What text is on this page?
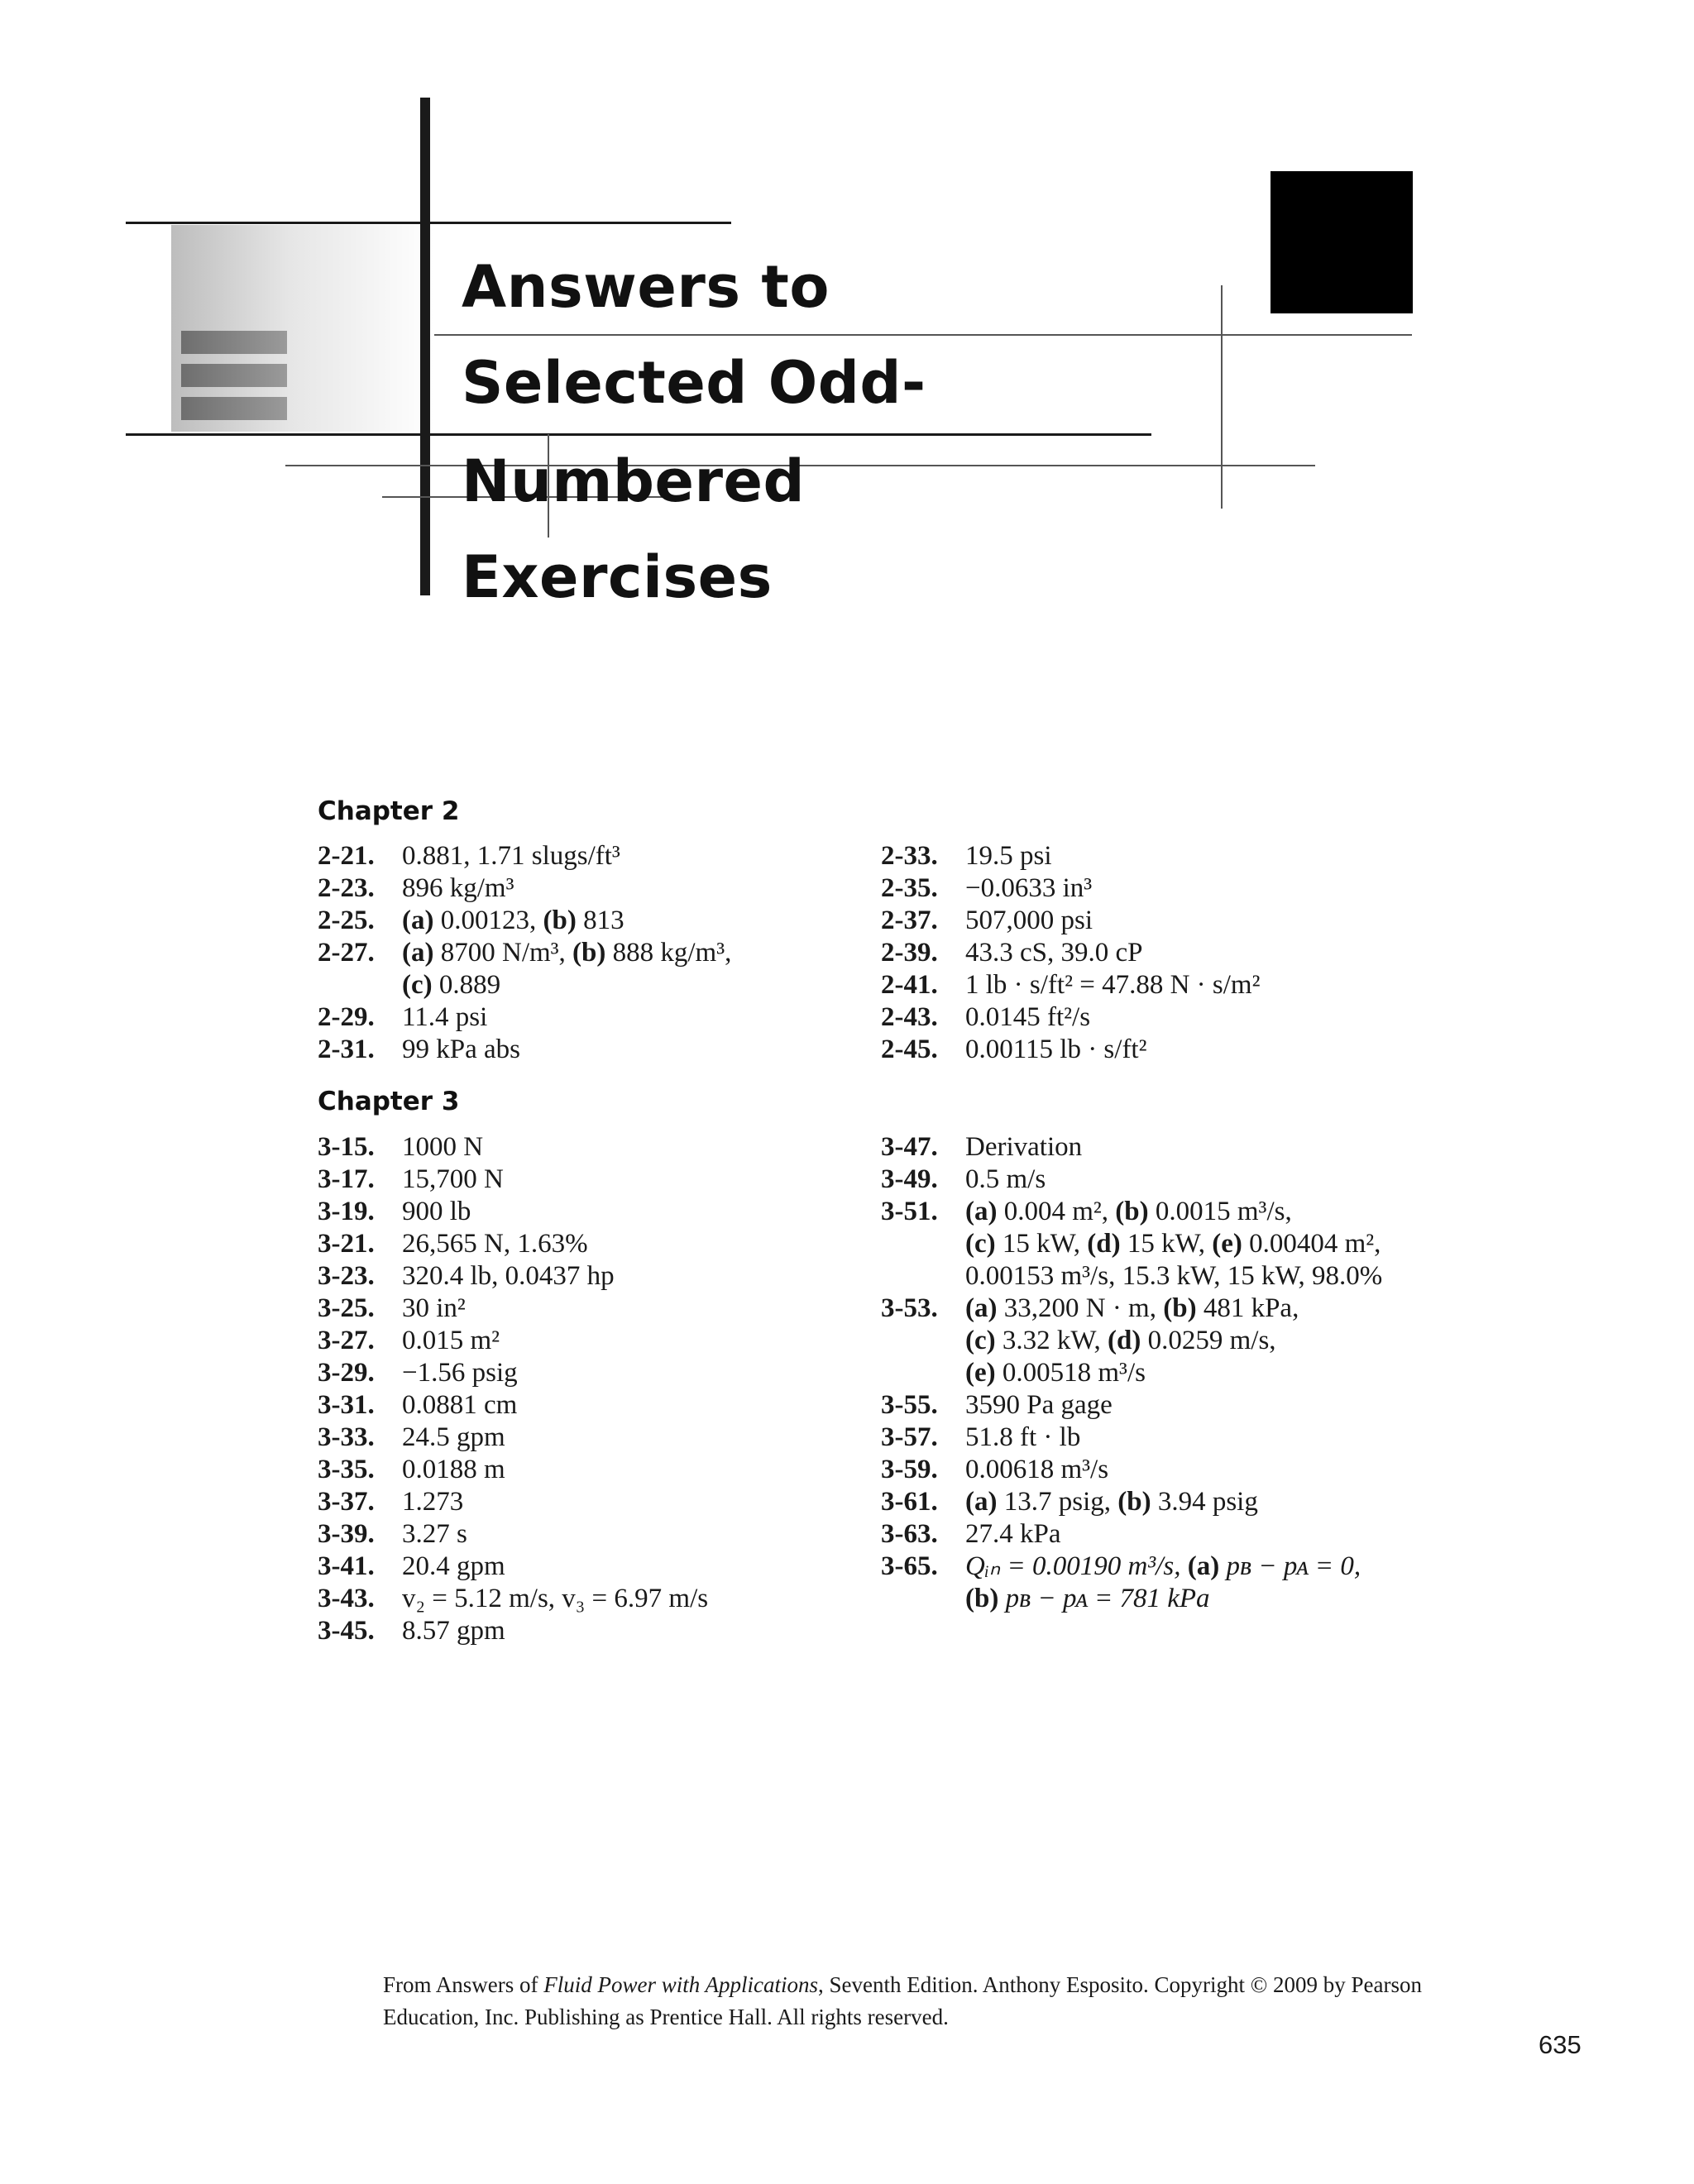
Answers to
Selected Odd-
Numbered
Exercises
Chapter 2
2-21.	0.881, 1.71 slugs/ft³
2-23.	896 kg/m³
2-25.	(a) 0.00123, (b) 813
2-27.	(a) 8700 N/m³, (b) 888 kg/m³,
(c) 0.889
2-29.	11.4 psi
2-31.	99 kPa abs
2-33.	19.5 psi
2-35.	−0.0633 in³
2-37.	507,000 psi
2-39.	43.3 cS, 39.0 cP
2-41.	1 lb · s/ft² = 47.88 N · s/m²
2-43.	0.0145 ft²/s
2-45.	0.00115 lb · s/ft²
Chapter 3
3-15.	1000 N
3-17.	15,700 N
3-19.	900 lb
3-21.	26,565 N, 1.63%
3-23.	320.4 lb, 0.0437 hp
3-25.	30 in²
3-27.	0.015 m²
3-29.	−1.56 psig
3-31.	0.0881 cm
3-33.	24.5 gpm
3-35.	0.0188 m
3-37.	1.273
3-39.	3.27 s
3-41.	20.4 gpm
3-43.	v₂ = 5.12 m/s, v₃ = 6.97 m/s
3-45.	8.57 gpm
3-47.	Derivation
3-49.	0.5 m/s
3-51.	(a) 0.004 m², (b) 0.0015 m³/s,
(c) 15 kW, (d) 15 kW, (e) 0.00404 m²,
0.00153 m³/s, 15.3 kW, 15 kW, 98.0%
3-53.	(a) 33,200 N · m, (b) 481 kPa,
(c) 3.32 kW, (d) 0.0259 m/s,
(e) 0.00518 m³/s
3-55.	3590 Pa gage
3-57.	51.8 ft · lb
3-59.	0.00618 m³/s
3-61.	(a) 13.7 psig, (b) 3.94 psig
3-63.	27.4 kPa
3-65.	Qᵢₙ = 0.00190 m³/s, (a) pʙ − pᴀ = 0,
(b) pʙ − pᴀ = 781 kPa
From Answers of Fluid Power with Applications, Seventh Edition. Anthony Esposito. Copyright © 2009 by Pearson Education, Inc. Publishing as Prentice Hall. All rights reserved.
635
